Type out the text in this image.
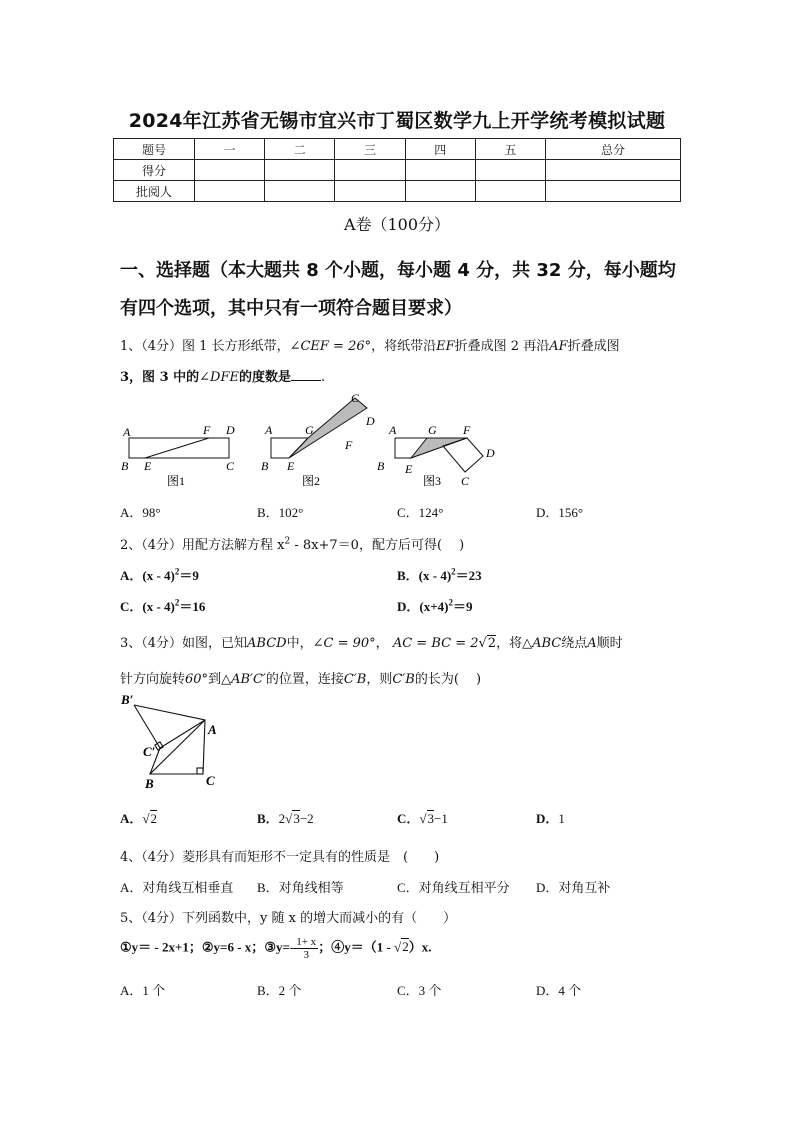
2024年江苏省无锡市宜兴市丁蜀区数学九上开学统考模拟试题
题号	一	二	三	四	五	总分
得分						
批阅人						
A卷（100分）
一、选择题（本大题共 8 个小题，每小题 4 分，共 32 分，每小题均
有四个选项，其中只有一项符合题目要求）
1、（4分）图 1 长方形纸带，∠CEF = 26°，将纸带沿EF折叠成图 2 再沿AF折叠成图
3，图 3 中的∠DFE的度数是 .
A	F D
B E	C
图1
A	G
C
D
F
B E
图2
A	G F
D
B E
C
图3
A．98°	B．102°	C．124°	D．156°
2、（4分）用配方法解方程 $x^2 - 8x+7=0$，配方后可得(　 )
A．(x - 4)$^2$＝9	B．(x - 4)$^2$＝23
C．(x - 4)$^2$＝16	D．$(x+4)^2=9$
3、（4分）如图，已知ABCD中，∠C = 90°， AC = BC = 2√2，将△ABC绕点A顺时
针方向旋转60°到△AB′C′的位置，连接C′B，则C′B的长为(　 )
B′
A
C′
B	C
A．√2	B．2√3−2	C．√3−1	D．1
4、（4分）菱形具有而矩形不一定具有的性质是　(　　)
A．对角线互相垂直 B．对角线相等	C．对角线互相平分 D．对角互补
5、（4分）下列函数中，y 随 x 的增大而减小的有（　　）
①y＝ - 2x+1；②y=6 - x；③y=- $\frac{1+ x}{3}$ ；④y＝（1 - √2）x.
A．1 个	B．2 个	C．3 个	D．4 个
